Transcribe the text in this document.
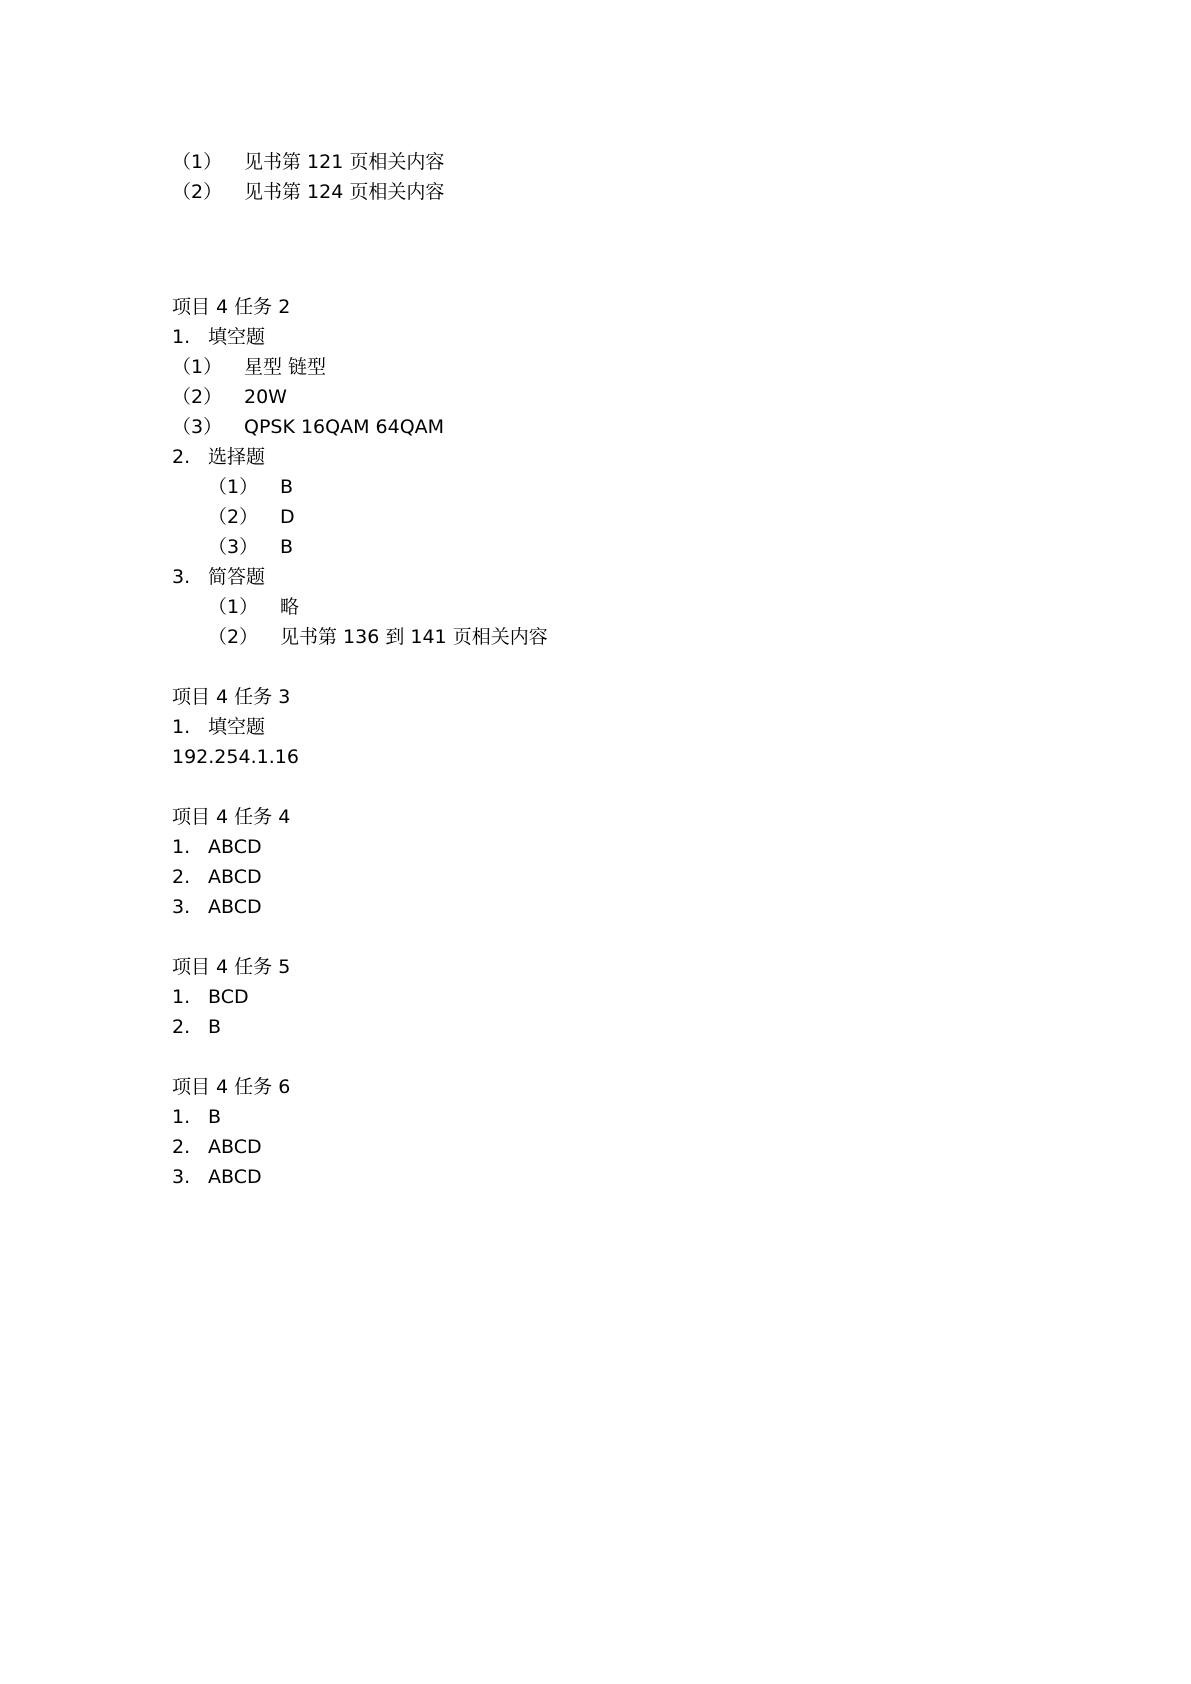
（1） 见书第 121 页相关内容
（2） 见书第 124 页相关内容
项目 4 任务 2
1. 填空题
（1） 星型 链型
（2） 20W
（3） QPSK 16QAM 64QAM
2. 选择题
（1） B
（2） D
（3） B
3. 简答题
（1） 略
（2） 见书第 136 到 141 页相关内容
项目 4 任务 3
1. 填空题
192.254.1.16
项目 4 任务 4
1. ABCD
2. ABCD
3. ABCD
项目 4 任务 5
1. BCD
2. B
项目 4 任务 6
1. B
2. ABCD
3. ABCD
